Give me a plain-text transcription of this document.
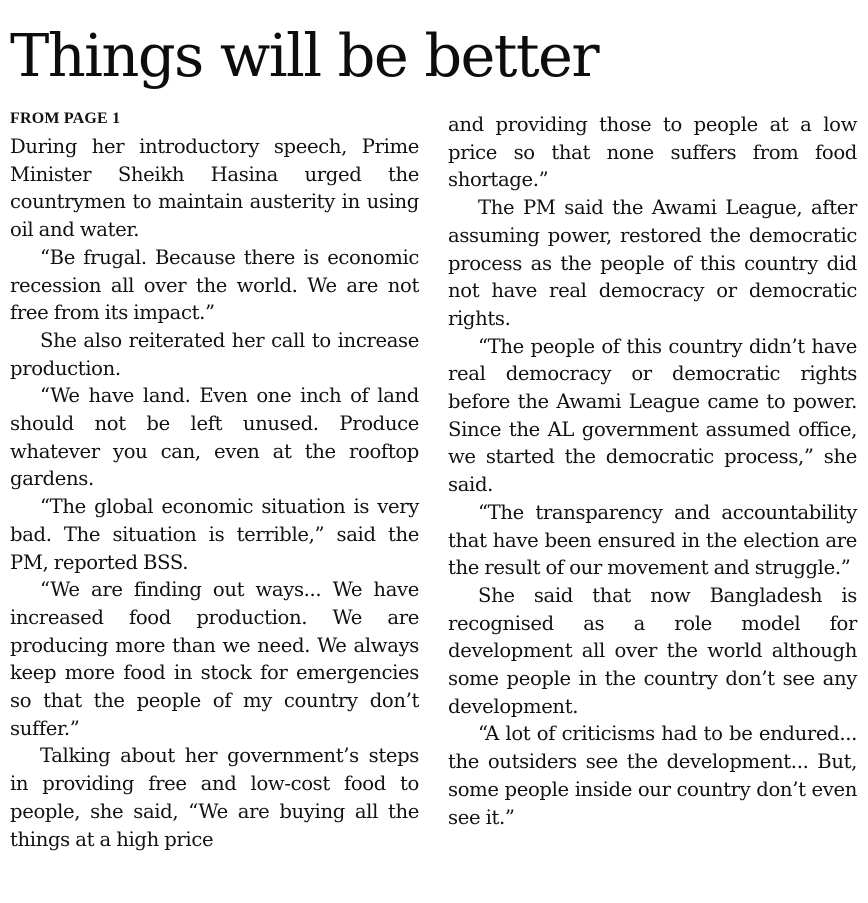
Things will be better

FROM PAGE 1

During her introductory speech, Prime Minister Sheikh Hasina urged the countrymen to maintain austerity in using oil and water.

“Be frugal. Because there is economic recession all over the world. We are not free from its impact.”

She also reiterated her call to increase production.

“We have land. Even one inch of land should not be left unused. Produce whatever you can, even at the rooftop gardens.

“The global economic situation is very bad. The situation is terrible,” said the PM, reported BSS.

“We are finding out ways... We have increased food production. We are producing more than we need. We always keep more food in stock for emergencies so that the people of my country don’t suffer.”

Talking about her government’s steps in providing free and low-cost food to people, she said, “We are buying all the things at a high price

and providing those to people at a low price so that none suffers from food shortage.”

The PM said the Awami League, after assuming power, restored the democratic process as the people of this country did not have real democracy or democratic rights.

“The people of this country didn’t have real democracy or democratic rights before the Awami League came to power. Since the AL government assumed office, we started the democratic process,” she said.

“The transparency and accountability that have been ensured in the election are the result of our movement and struggle.”

She said that now Bangladesh is recognised as a role model for development all over the world although some people in the country don’t see any development.

“A lot of criticisms had to be endured... the outsiders see the development... But, some people inside our country don’t even see it.”
